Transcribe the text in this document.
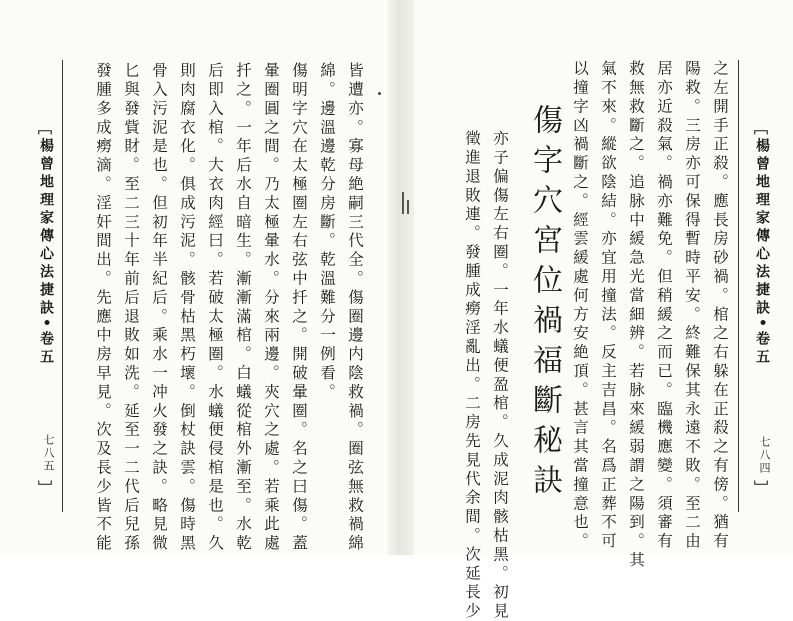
﹇
楊曾地理家傳心法捷訣•卷五
七八四
﹈
之左開手正殺。應長房砂禍。棺之右躲在正殺之有傍。猶有
陽救。三房亦可保得暫時平安。終難保其永遠不敗。至二由
居亦近殺氣。禍亦難免。但稍緩之而已。臨機應變。須審有
救無救斷之。追脉中緩急光當細辨。若脉來緩弱謂之陽到。其
氣不來。縱欲陰結。亦宜用撞法。反主吉昌。名爲正葬不可
以撞字凶禍斷之。經雲緩處何方安絶頂。甚言其當撞意也。
傷字穴宮位禍福斷秘訣
亦子偏傷左右圈。一年水蟻便盈棺。久成泥肉骸枯黑。初見
徵進退敗連。發腫成癆淫亂出。二房先見代余間。次延長少
﹇
楊曾地理家傳心法捷訣•卷五
七八五
﹈	皆遭亦。寡母絶嗣三代全。傷圈邊内陰救禍。圈弦無救禍綿
綿。邊溫邊乾分房斷。乾溫難分一例看。
傷明字穴在太極圈左右弦中扦之。開破暈圈。名之曰傷。蓋
暈圈圓之間。乃太極暈水。分來兩邊。夾穴之處。若乘此處
扦之。一年后水自暗生。漸漸滿棺。白蟻從棺外漸至。水乾
后即入棺。大衣肉經曰。若破太極圈。水蟻便侵棺是也。久
則肉腐衣化。俱成污泥。骸骨枯黑朽壞。倒杖訣雲。傷時黑
骨入污泥是也。但初年半紀后。乘水一冲火發之訣。略見微
匕與發貲財。至二三十年前后退敗如洗。延至一二代后兒孫
發腫多成癆滴。淫奸間出。先應中房早見。次及長少皆不能
